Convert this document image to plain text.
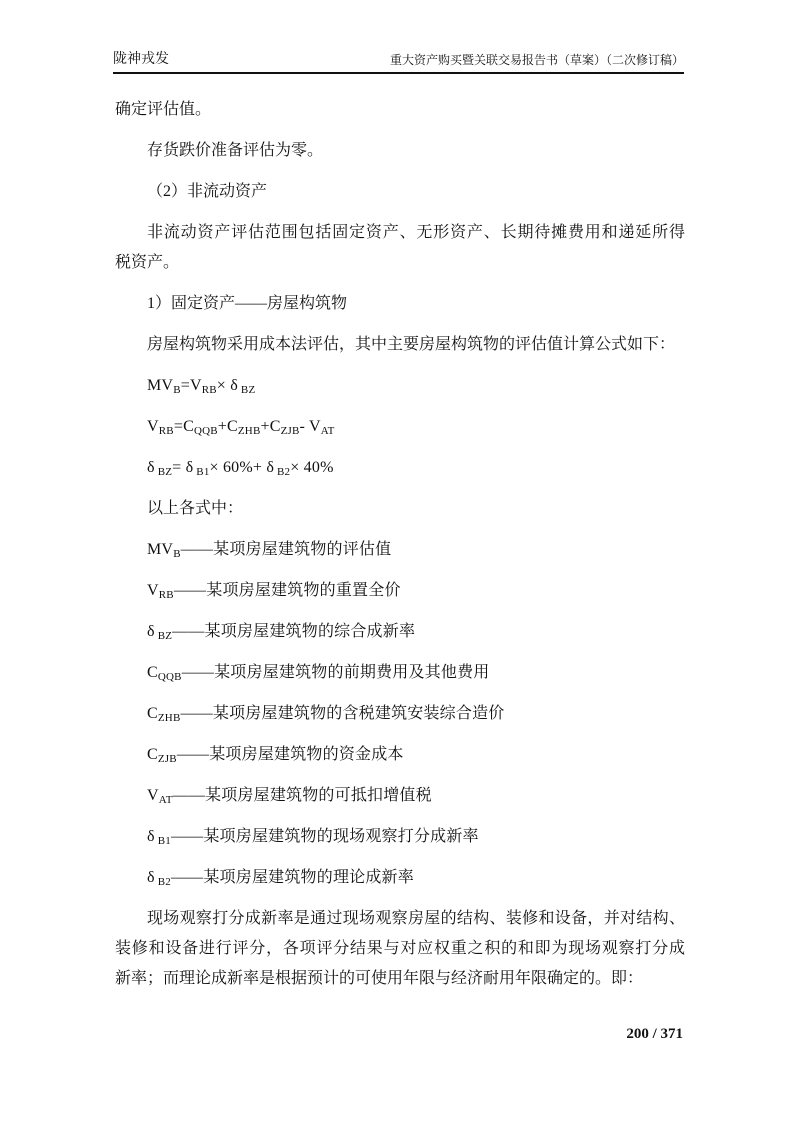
陇神戎发	重大资产购买暨关联交易报告书（草案）（二次修订稿）
确定评估值。
存货跌价准备评估为零。
（2）非流动资产
非流动资产评估范围包括固定资产、无形资产、长期待摊费用和递延所得
税资产。
1）固定资产——房屋构筑物
房屋构筑物采用成本法评估，其中主要房屋构筑物的评估值计算公式如下：
$MV_B=V_{RB}\times \delta$ $_{BZ}$
$V_{RB}=C_{QQB}+C_{ZHB}+C_{ZJB}-$ $V_{AT}$
δ $_{BZ}$= δ $_{B1}$× 60%+ δ $_{B2}$× 40%
以上各式中：
$MV_B——$某项房屋建筑物的评估值
$V_{RB}——$某项房屋建筑物的重置全价
δ $_{BZ}$——某项房屋建筑物的综合成新率
$C_{QQB}——$某项房屋建筑物的前期费用及其他费用
$C_{ZHB}——$某项房屋建筑物的含税建筑安装综合造价
$C_{ZJB}——$某项房屋建筑物的资金成本
$V_{AT}——$某项房屋建筑物的可抵扣增值税
δ $_{B1}$——某项房屋建筑物的现场观察打分成新率
δ $_{B2}$——某项房屋建筑物的理论成新率
现场观察打分成新率是通过现场观察房屋的结构、装修和设备，并对结构、
装修和设备进行评分，各项评分结果与对应权重之积的和即为现场观察打分成
新率；而理论成新率是根据预计的可使用年限与经济耐用年限确定的。即：
200 / 371
